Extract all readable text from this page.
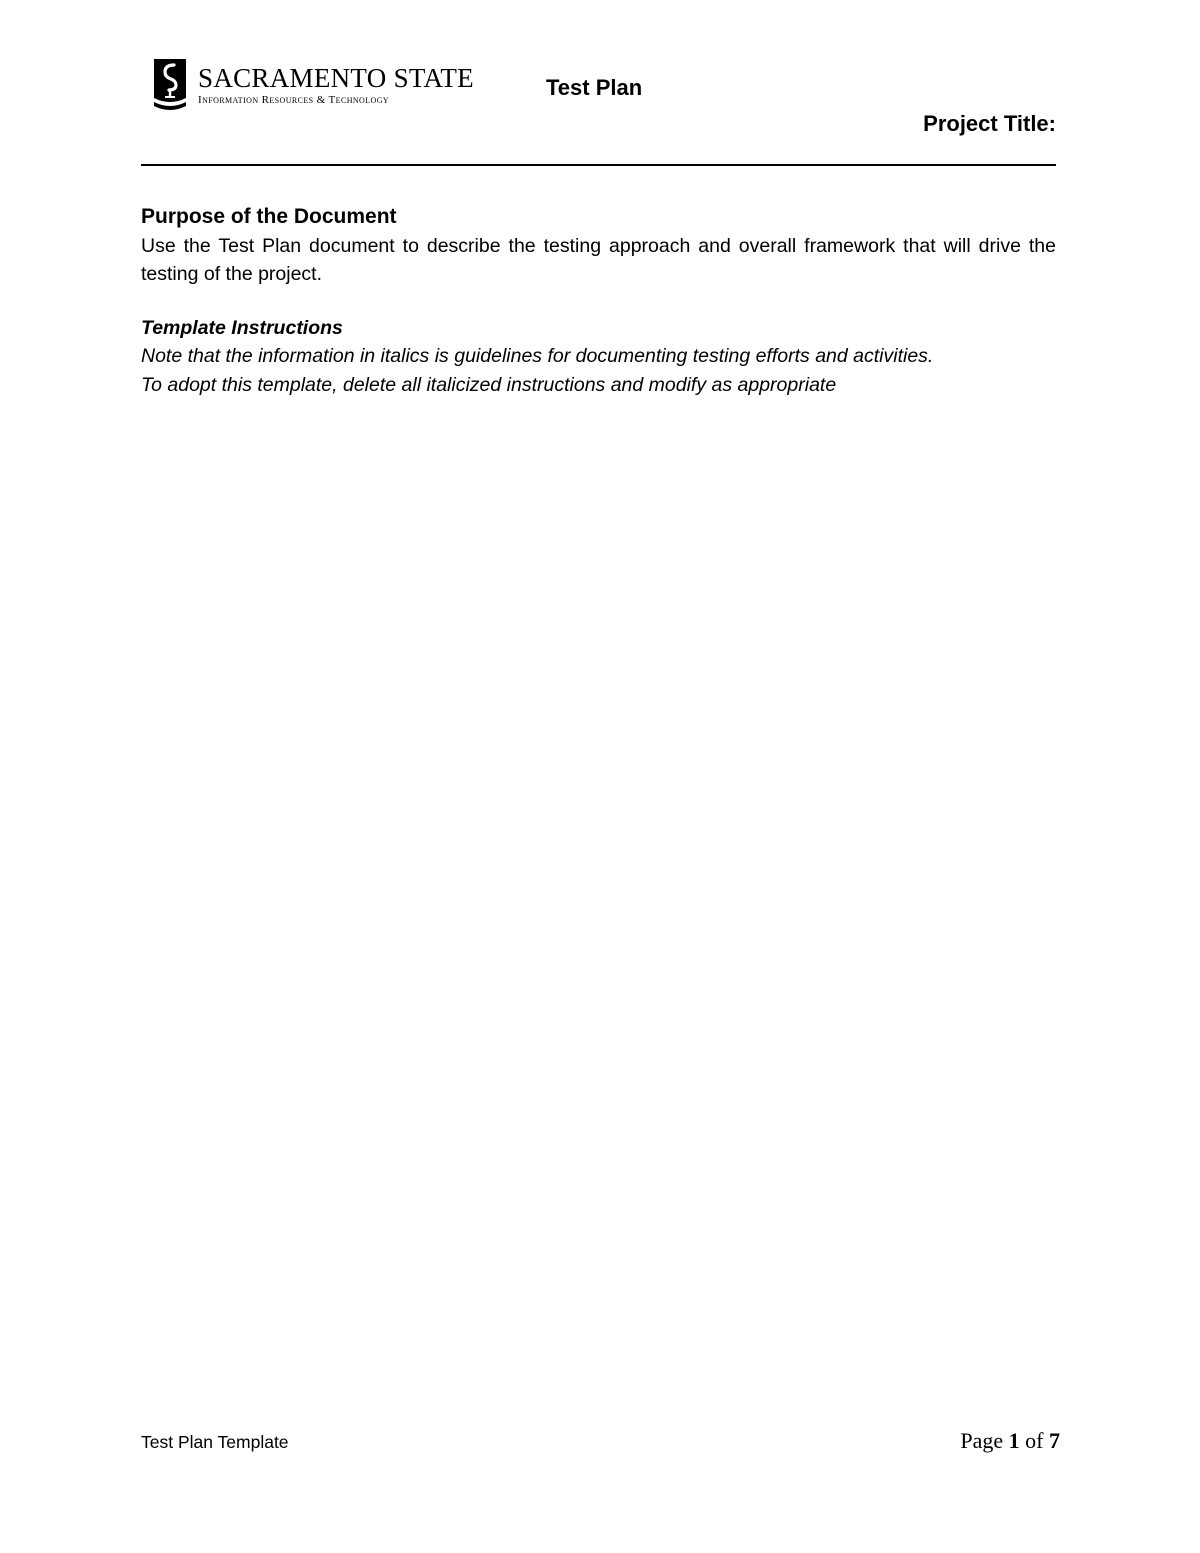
SACRAMENTO STATE
Information Resources & Technology	Test Plan
Project Title:
Purpose of the Document

Use the Test Plan document to describe the testing approach and overall framework that will drive the testing of the project.

Template Instructions

Note that the information in italics is guidelines for documenting testing efforts and activities.

To adopt this template, delete all italicized instructions and modify as appropriate

Test Plan Template	Page 1 of 7
